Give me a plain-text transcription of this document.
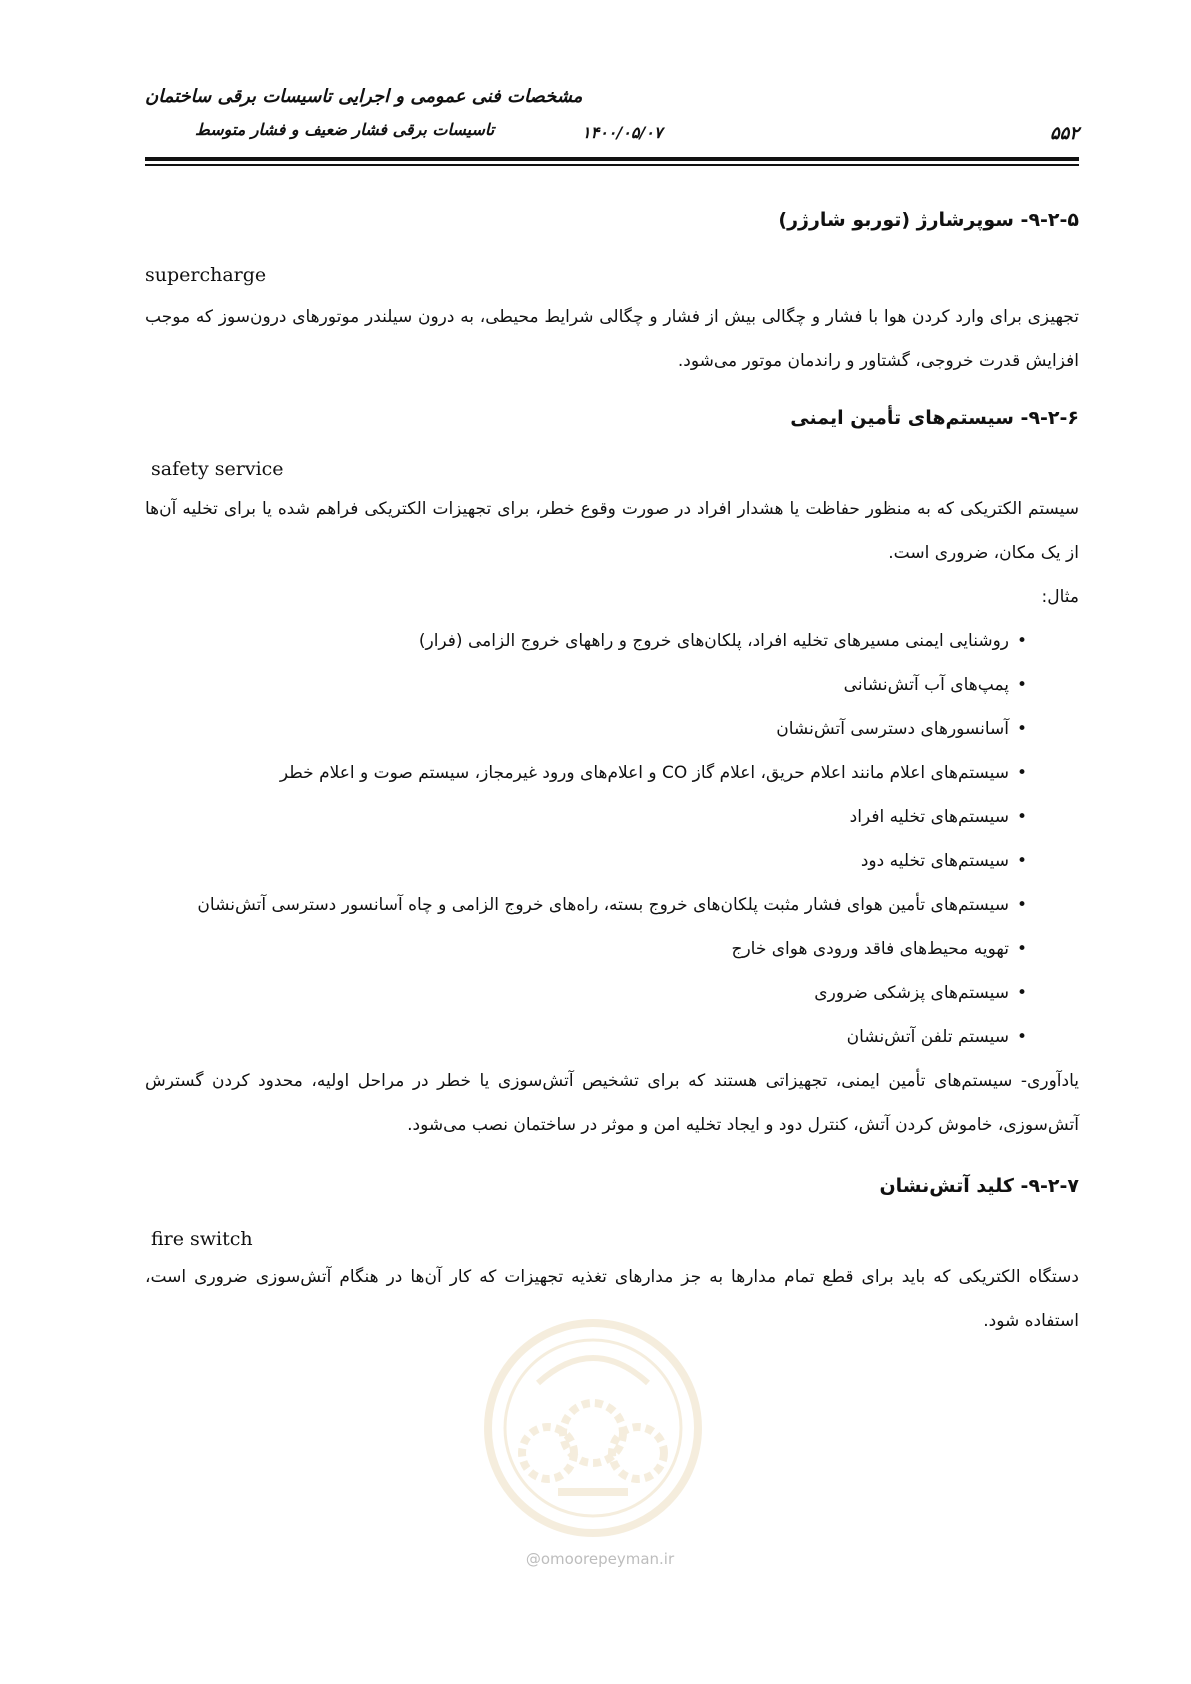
مشخصات فنی عمومی و اجرایی تاسیسات برقی ساختمان
تاسیسات برقی فشار ضعیف و فشار متوسط	۱۴۰۰/۰۵/۰۷	۵۵۲
۹-۲-۵- سوپرشارژ (توربو شارژر)

supercharge

تجهیزی برای وارد کردن هوا با فشار و چگالی بیش از فشار و چگالی شرایط محیطی، به درون سیلندر موتورهای درون‌سوز که موجب افزایش قدرت خروجی، گشتاور و راندمان موتور می‌شود.

۹-۲-۶- سیستم‌های تأمین ایمنی

safety service

سیستم الکتریکی که به منظور حفاظت یا هشدار افراد در صورت وقوع خطر، برای تجهیزات الکتریکی فراهم شده یا برای تخلیه آن‌ها از یک مکان، ضروری است.

مثال:

•
روشنایی ایمنی مسیرهای تخلیه افراد، پلکان‌های خروج و راههای خروج الزامی (فرار)
•
پمپ‌های آب آتش‌نشانی
•
آسانسورهای دسترسی آتش‌نشان
•
سیستم‌های اعلام مانند اعلام حریق، اعلام گاز CO و اعلام‌های ورود غیرمجاز، سیستم صوت و اعلام خطر
•
سیستم‌های تخلیه افراد
•
سیستم‌های تخلیه دود
•
سیستم‌های تأمین هوای فشار مثبت پلکان‌های خروج بسته، راه‌های خروج الزامی و چاه آسانسور دسترسی آتش‌نشان
•
تهویه محیط‌های فاقد ورودی هوای خارج
•
سیستم‌های پزشکی ضروری
•
سیستم تلفن آتش‌نشان

یادآوری- سیستم‌های تأمین ایمنی، تجهیزاتی هستند که برای تشخیص آتش‌سوزی یا خطر در مراحل اولیه، محدود کردن گسترش آتش‌سوزی، خاموش کردن آتش، کنترل دود و ایجاد تخلیه امن و موثر در ساختمان نصب می‌شود.

۹-۲-۷- کلید آتش‌نشان

fire switch

دستگاه الکتریکی که باید برای قطع تمام مدارها به جز مدارهای تغذیه تجهیزات که کار آن‌ها در هنگام آتش‌سوزی ضروری است، استفاده شود.

@omoorepeyman.ir
